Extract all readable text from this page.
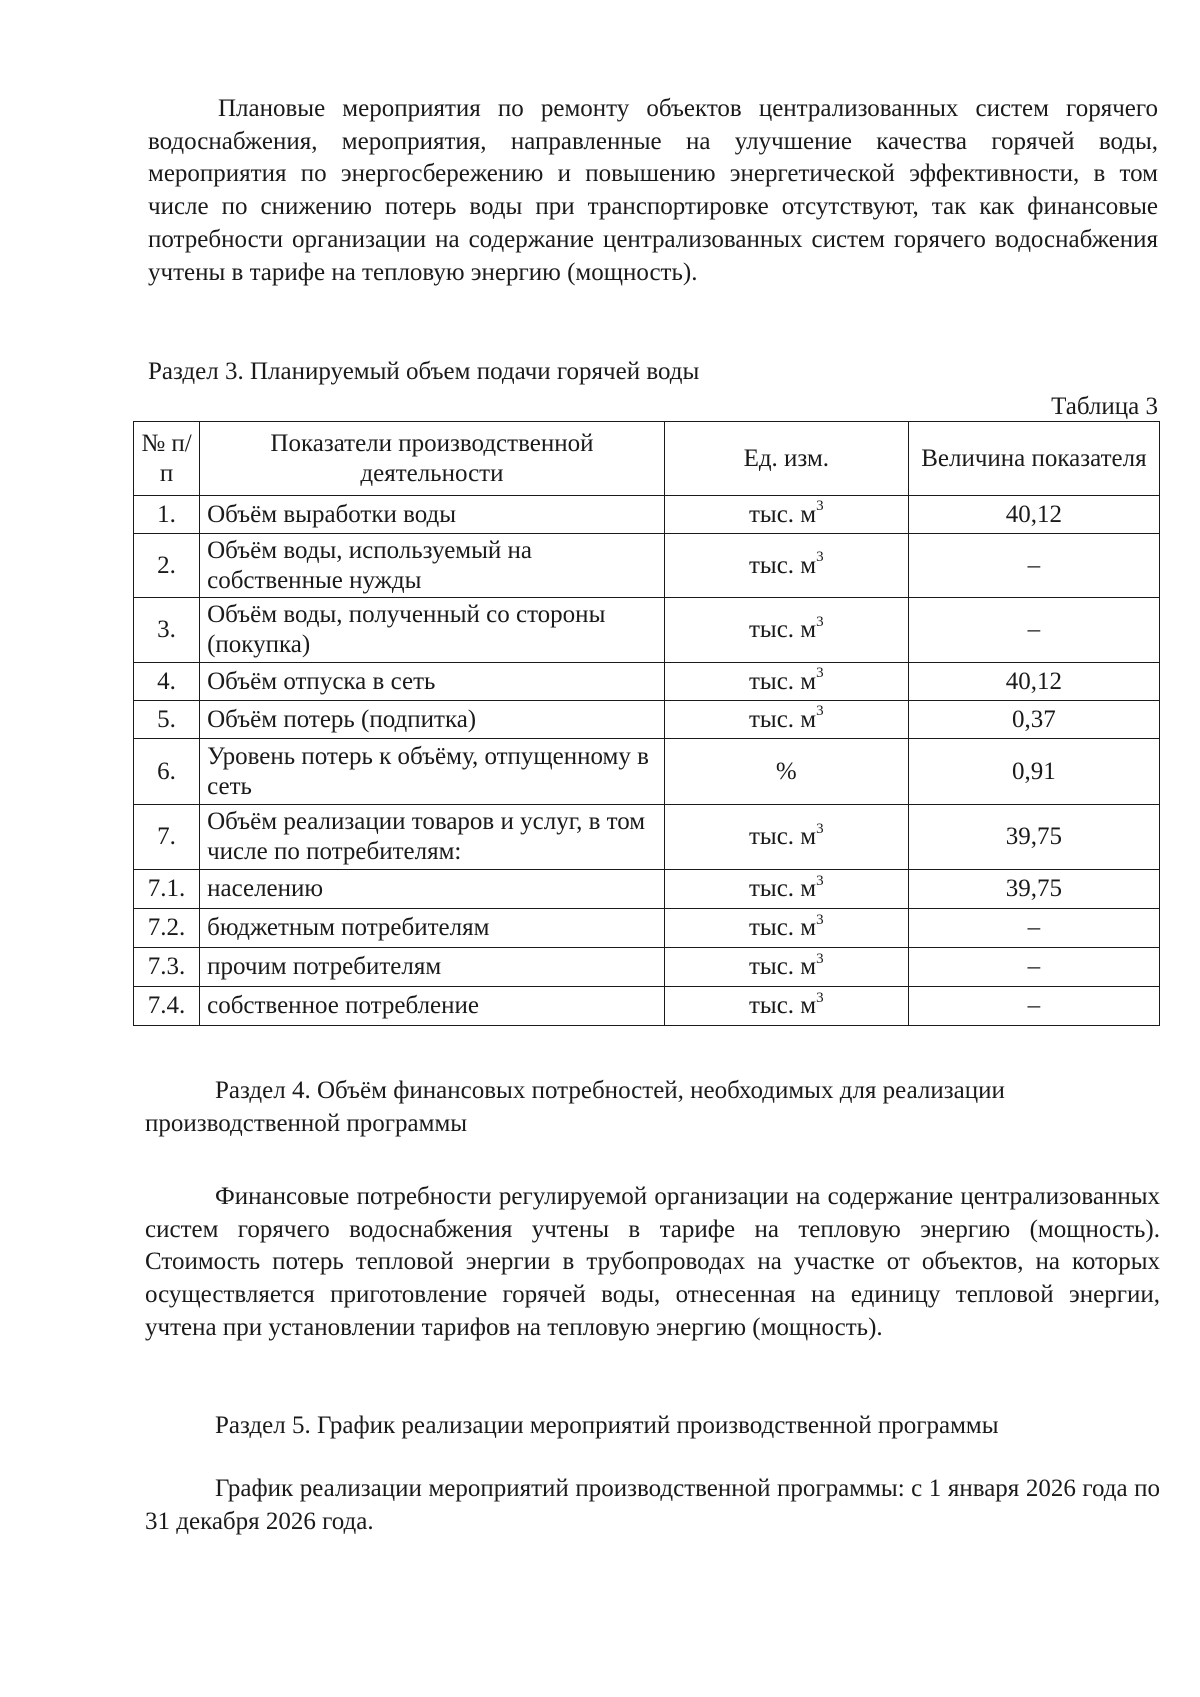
Плановые мероприятия по ремонту объектов централизованных систем горячего водоснабжения, мероприятия, направленные на улучшение качества горячей воды, мероприятия по энергосбережению и повышению энергетической эффективности, в том числе по снижению потерь воды при транспортировке отсутствуют, так как финансовые потребности организации на содержание централизованных систем горячего водоснабжения учтены в тарифе на тепловую энергию (мощность).

Раздел 3. Планируемый объем подачи горячей воды

Таблица 3

№ п/п	Показатели производственной деятельности	Ед. изм.	Величина показателя
1.	Объём выработки воды	тыс. $м^3$	40,12
2.	Объём воды, используемый на собственные нужды	тыс. $м^3$	–
3.	Объём воды, полученный со стороны (покупка)	тыс. $м^3$	–
4.	Объём отпуска в сеть	тыс. $м^3$	40,12
5.	Объём потерь (подпитка)	тыс. $м^3$	0,37
6.	Уровень потерь к объёму, отпущенному в сеть	%	0,91
7.	Объём реализации товаров и услуг, в том числе по потребителям:	тыс. $м^3$	39,75
7.1.	населению	тыс. $м^3$	39,75
7.2.	бюджетным потребителям	тыс. $м^3$	–
7.3.	прочим потребителям	тыс. $м^3$	–
7.4.	собственное потребление	тыс. $м^3$	–

Раздел 4. Объём финансовых потребностей, необходимых для реализации производственной программы

Финансовые потребности регулируемой организации на содержание централизованных систем горячего водоснабжения учтены в тарифе на тепловую энергию (мощность). Стоимость потерь тепловой энергии в трубопроводах на участке от объектов, на которых осуществляется приготовление горячей воды, отнесенная на единицу тепловой энергии, учтена при установлении тарифов на тепловую энергию (мощность).

Раздел 5. График реализации мероприятий производственной программы

График реализации мероприятий производственной программы: с 1 января 2026 года по 31 декабря 2026 года.
